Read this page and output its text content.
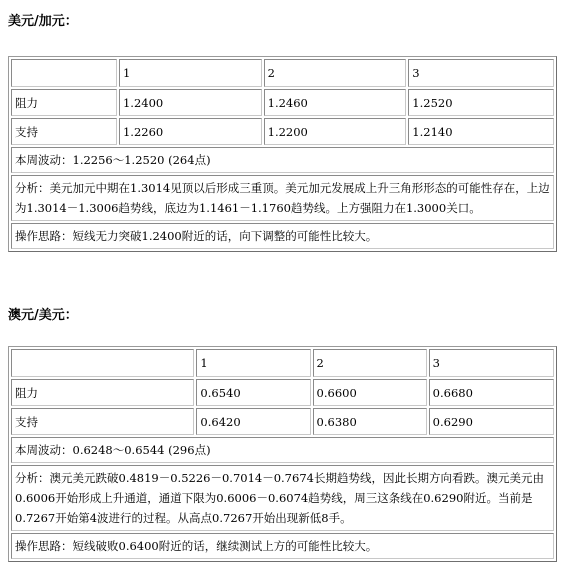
美元/加元：
	1	2	3
阻力	1.2400	1.2460	1.2520
支持	1.2260	1.2200	1.2140
本周波动：1.2256～1.2520 (264点)			
分析：美元加元中期在1.3014见顶以后形成三重顶。美元加元发展成上升三角形形态的可能性存在，上边为1.3014－1.3006趋势线，底边为1.1461－1.1760趋势线。上方强阻力在1.3000关口。			
操作思路：短线无力突破1.2400附近的话，向下调整的可能性比较大。			
澳元/美元：
	1	2	3
阻力	0.6540	0.6600	0.6680
支持	0.6420	0.6380	0.6290
本周波动：0.6248～0.6544 (296点)			
分析：澳元美元跌破0.4819－0.5226－0.7014－0.7674长期趋势线，因此长期方向看跌。澳元美元由0.6006开始形成上升通道，通道下限为0.6006－0.6074趋势线，周三这条线在0.6290附近。当前是0.7267开始第4波进行的过程。从高点0.7267开始出现新低8手。			
操作思路：短线破败0.6400附近的话，继续测试上方的可能性比较大。			
